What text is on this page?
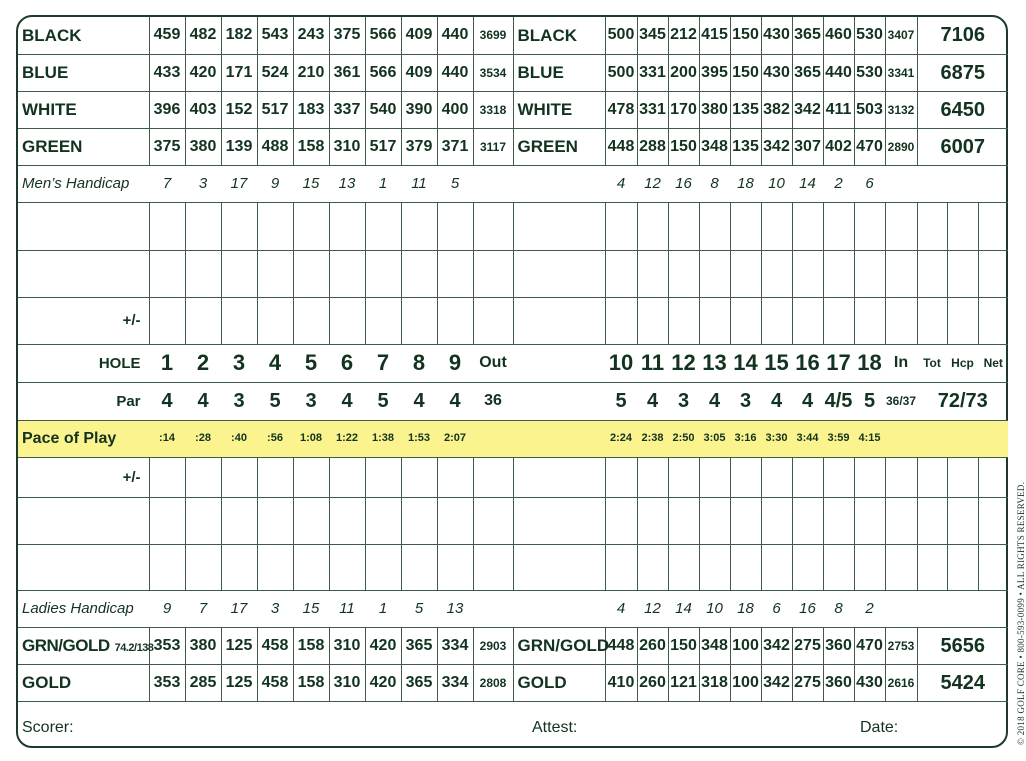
BLACK	459	482	182	543	243	375	566	409	440	3699	BLACK	500	345	212	415	150	430	365	460	530	3407	7106		
BLUE	433	420	171	524	210	361	566	409	440	3534	BLUE	500	331	200	395	150	430	365	440	530	3341	6875		
WHITE	396	403	152	517	183	337	540	390	400	3318	WHITE	478	331	170	380	135	382	342	411	503	3132	6450		
GREEN	375	380	139	488	158	310	517	379	371	3117	GREEN	448	288	150	348	135	342	307	402	470	2890	6007		
Men’s Handicap	7	3	17	9	15	13	1	11	5			4	12	16	8	18	10	14	2	6				

+/-																								
HOLE	1	2	3	4	5	6	7	8	9	Out		10	11	12	13	14	15	16	17	18	In	Tot	Hcp	Net
Par	4	4	3	5	3	4	5	4	4	36		5	4	3	4	3	4	4	4/5	5	36/37	72/73		
Pace of Play	:14	:28	:40	:56	1:08	1:22	1:38	1:53	2:07			2:24	2:38	2:50	3:05	3:16	3:30	3:44	3:59	4:15				
+/-																								

Ladies Handicap	9	7	17	3	15	11	1	5	13			4	12	14	10	18	6	16	8	2				
GRN/GOLD 74.2/138	353	380	125	458	158	310	420	365	334	2903	GRN/GOLD	448	260	150	348	100	342	275	360	470	2753	5656		
GOLD	353	285	125	458	158	310	420	365	334	2808	GOLD	410	260	121	318	100	342	275	360	430	2616	5424		
Scorer:	Attest:	Date:	© 2018 GOLF CORE • 800-593-0099 • ALL RIGHTS RESERVED.
